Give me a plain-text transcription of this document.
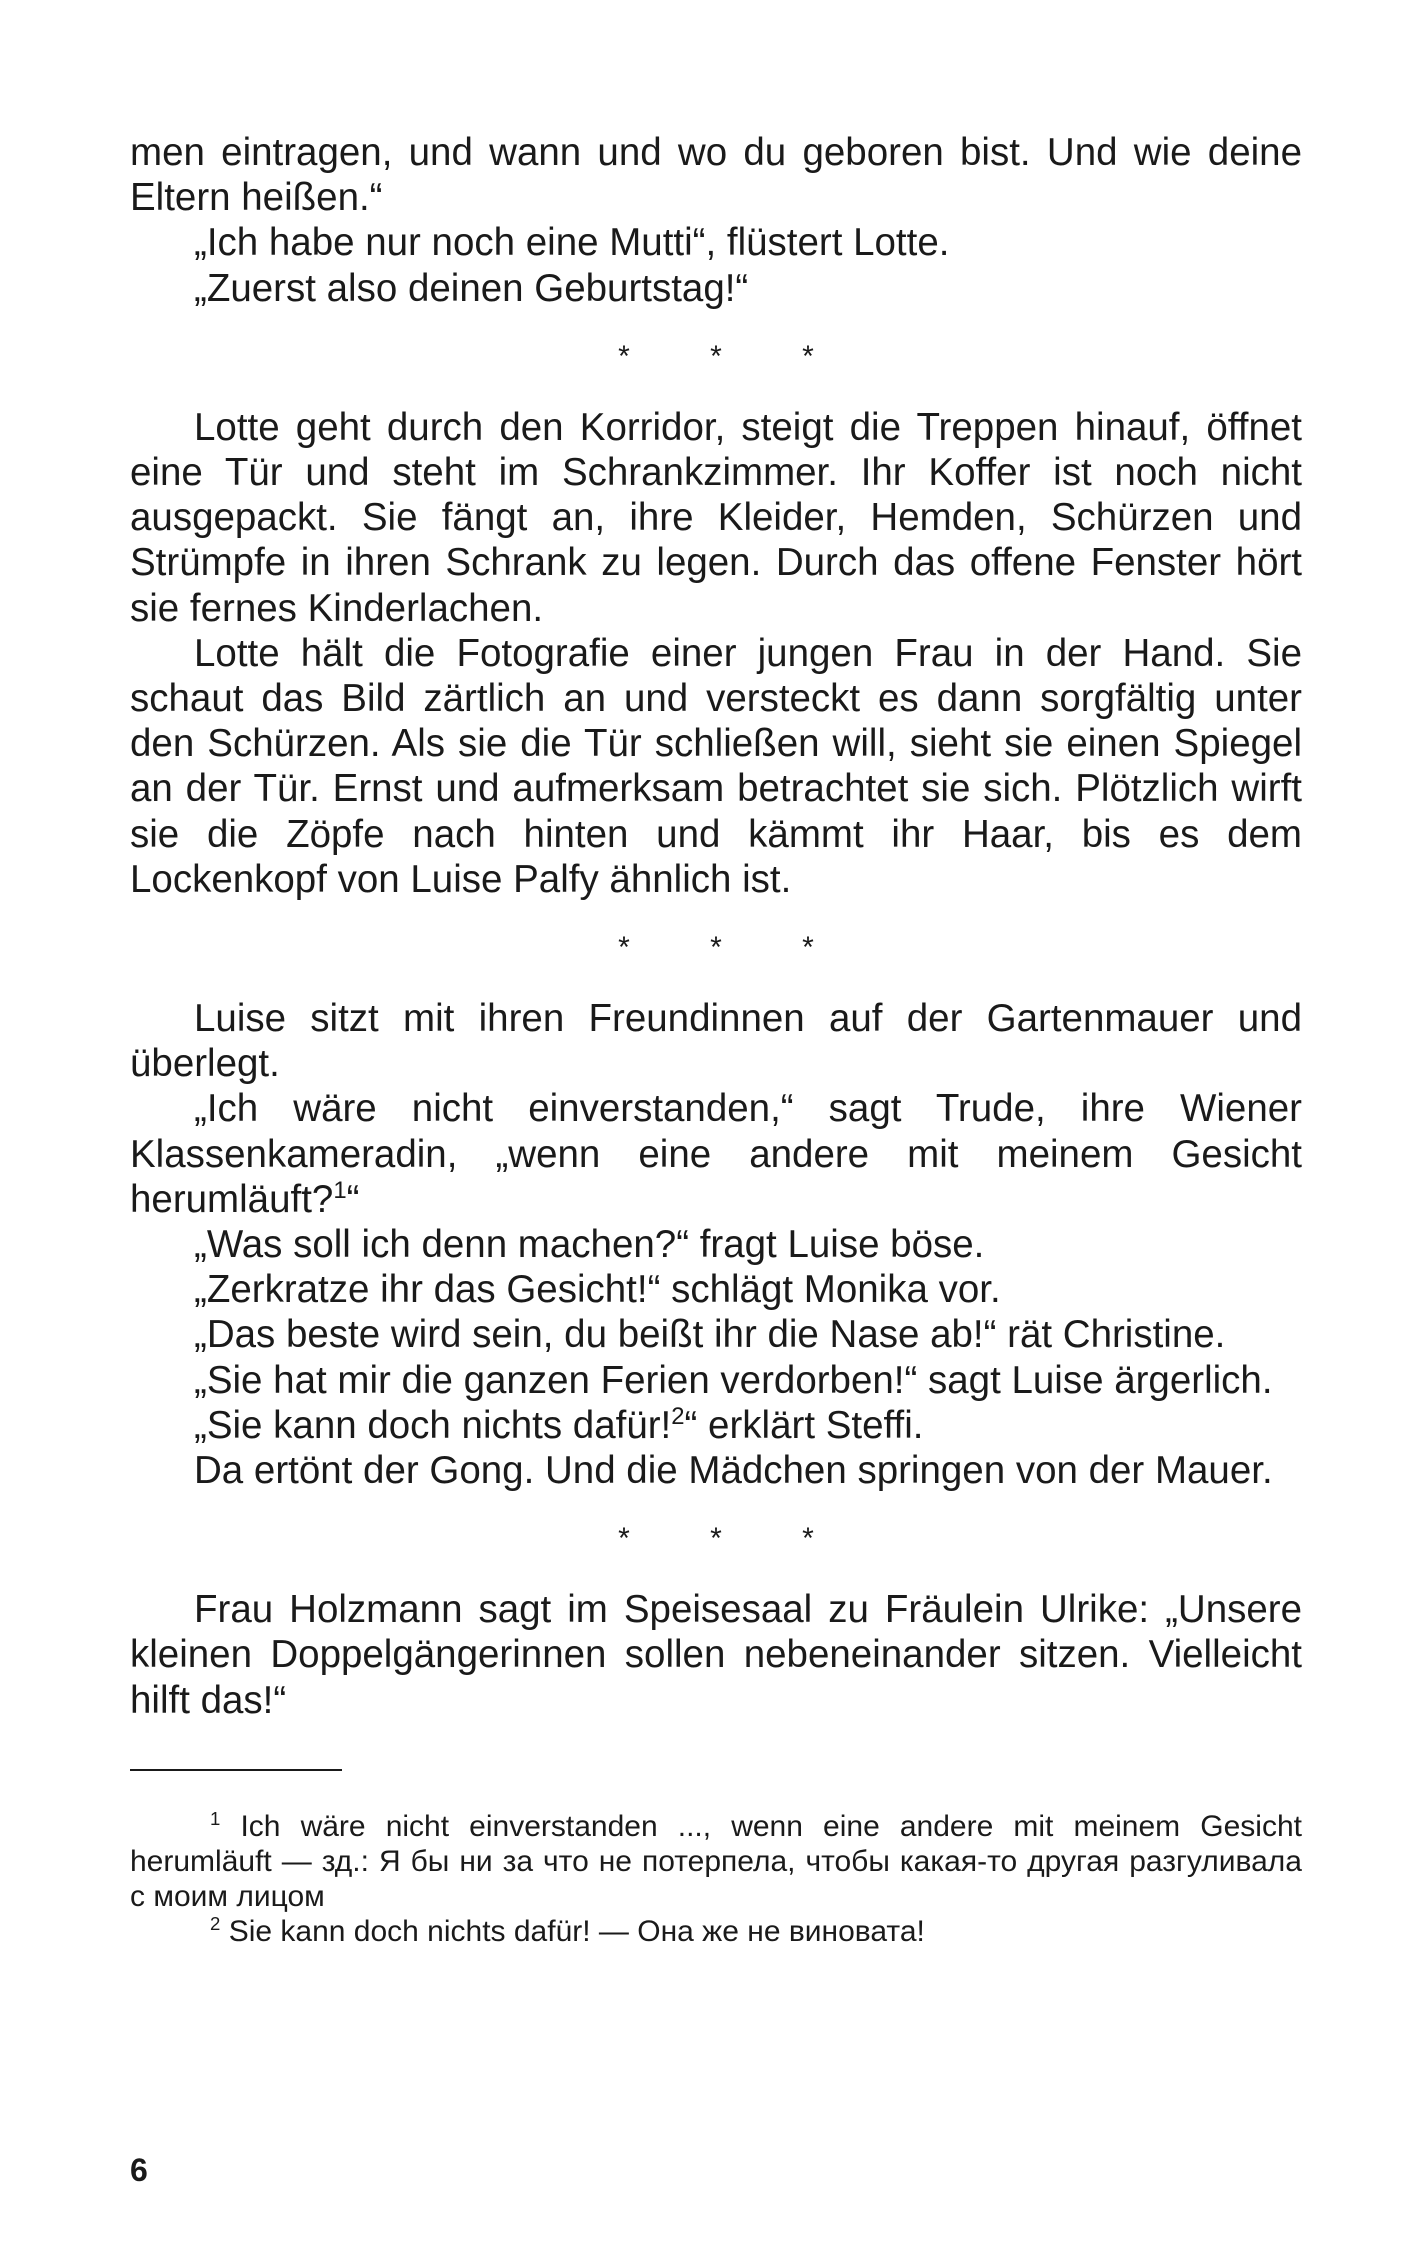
men eintragen, und wann und wo du geboren bist. Und wie deine Eltern heißen.“

„Ich habe nur noch eine Mutti“, flüstert Lotte.

„Zuerst also deinen Geburtstag!“

* * *

Lotte geht durch den Korridor, steigt die Treppen hinauf, öffnet eine Tür und steht im Schrankzimmer. Ihr Koffer ist noch nicht ausgepackt. Sie fängt an, ihre Kleider, Hemden, Schürzen und Strümpfe in ihren Schrank zu legen. Durch das offene Fenster hört sie fernes Kinderlachen.

Lotte hält die Fotografie einer jungen Frau in der Hand. Sie schaut das Bild zärtlich an und versteckt es dann sorgfältig unter den Schürzen. Als sie die Tür schließen will, sieht sie einen Spiegel an der Tür. Ernst und aufmerksam betrachtet sie sich. Plötzlich wirft sie die Zöpfe nach hinten und kämmt ihr Haar, bis es dem Lockenkopf von Luise Palfy ähnlich ist.

* * *

Luise sitzt mit ihren Freundinnen auf der Gartenmauer und überlegt.

„Ich wäre nicht einverstanden,“ sagt Trude, ihre Wiener Klassenkameradin, „wenn eine andere mit meinem Gesicht herumläuft?$^1$“

„Was soll ich denn machen?“ fragt Luise böse.

„Zerkratze ihr das Gesicht!“ schlägt Monika vor.

„Das beste wird sein, du beißt ihr die Nase ab!“ rät Christine.

„Sie hat mir die ganzen Ferien verdorben!“ sagt Luise ärgerlich.

„Sie kann doch nichts dafür!$^2$“ erklärt Steffi.

Da ertönt der Gong. Und die Mädchen springen von der Mauer.

* * *

Frau Holzmann sagt im Speisesaal zu Fräulein Ulrike: „Unsere kleinen Doppelgängerinnen sollen nebeneinander sitzen. Vielleicht hilft das!“

$^1$ Ich wäre nicht einverstanden ..., wenn eine andere mit meinem Gesicht herumläuft — зд.: Я бы ни за что не потерпела, чтобы какая-то другая разгуливала с моим лицом

$^2$ Sie kann doch nichts dafür! — Она же не виновата!

6
